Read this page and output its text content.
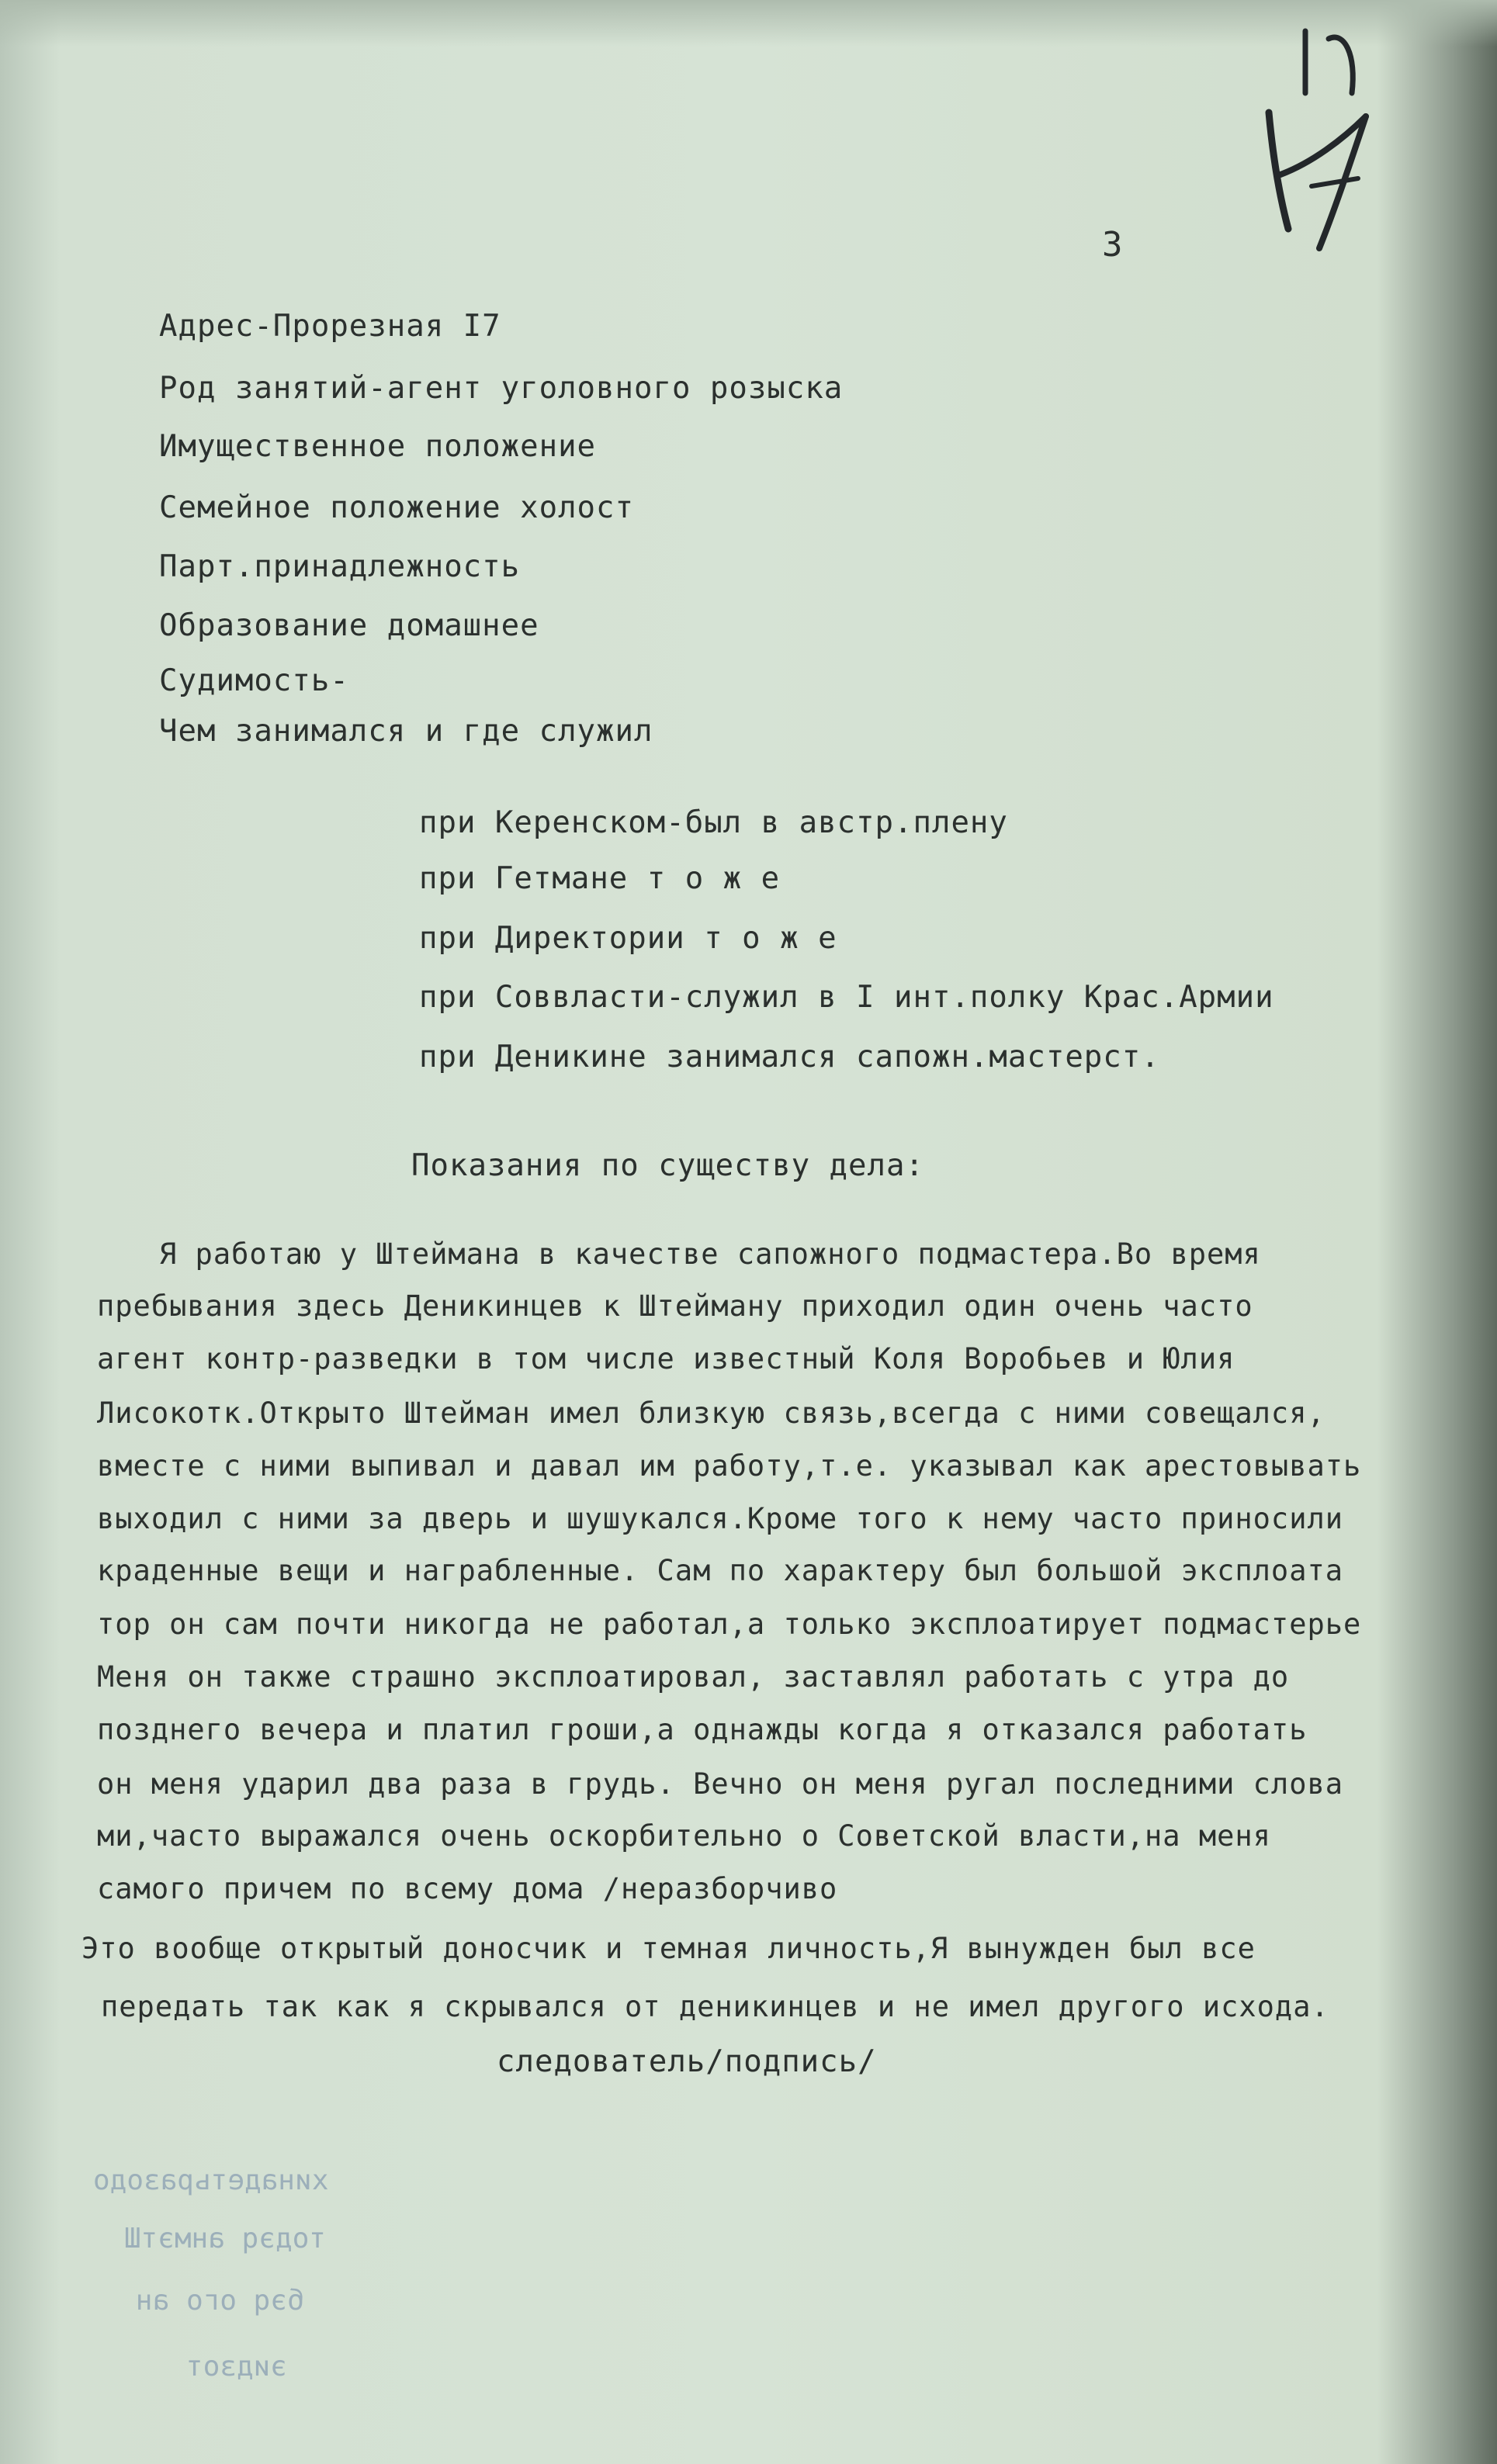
3
Адрес-Прорезная I7
Род занятий-агент уголовного розыска
Имущественное положение
Семейное положение холост
Парт.принадлежность
Образование домашнее
Судимость-
Чем занимался и где служил
при Керенском-был в австр.плену
при Гетмане т о ж е
при Директории т о ж е
при Соввласти-служил в I инт.полку Крас.Армии
при Деникине занимался сапожн.мастерст.
Показания по существу дела:
Я работаю у Штеймана в качестве сапожного подмастера.Во время
пребывания здесь Деникинцев к Штейману приходил один очень часто
агент контр-разведки в том числе известный Коля Воробьев и Юлия
Лисокотк.Открыто Штейман имел близкую связь,всегда с ними совещался,
вместе с ними выпивал и давал им работу,т.е. указывал как арестовывать
выходил с ними за дверь и шушукался.Кроме того к нему часто приносили
краденные вещи и награбленные. Сам по характеру был большой эксплоата
тор он сам почти никогда не работал,а только эксплоатирует подмастерье
Меня он также страшно эксплоатировал, заставлял работать с утра до
позднего вечера и платил гроши,а однажды когда я отказался работать
он меня ударил два раза в грудь. Вечно он меня ругал последними слова
ми,часто выражался очень оскорбительно о Советской власти,на меня
самого причем по всему дома /неразборчиво
Это вообще открытый доносчик и темная личность,Я вынужден был все
передать так как я скрывался от деникинцев и не имел другого исхода.
следователь/подпись/
хинадетьразодо
тодэq анмэтШ
бэq ого ан
эидзот
